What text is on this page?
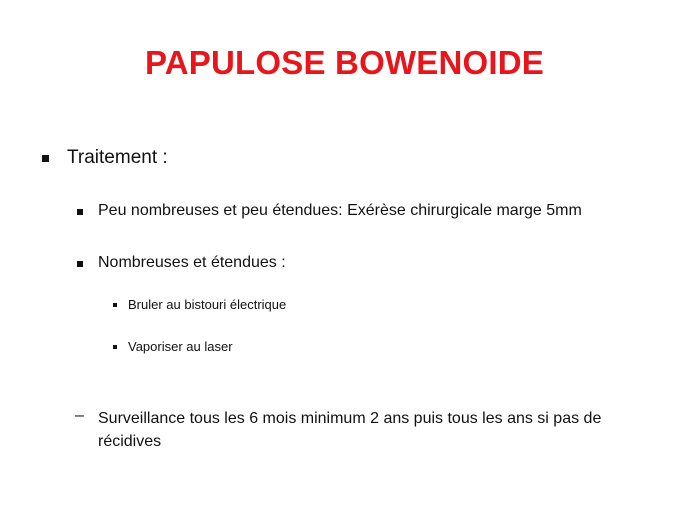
PAPULOSE BOWENOIDE
Traitement :
Peu nombreuses et peu étendues: Exérèse chirurgicale marge 5mm
Nombreuses et étendues :
Bruler au bistouri électrique
Vaporiser au laser
– Surveillance tous les 6 mois minimum 2 ans puis tous les ans si pas de
récidives
